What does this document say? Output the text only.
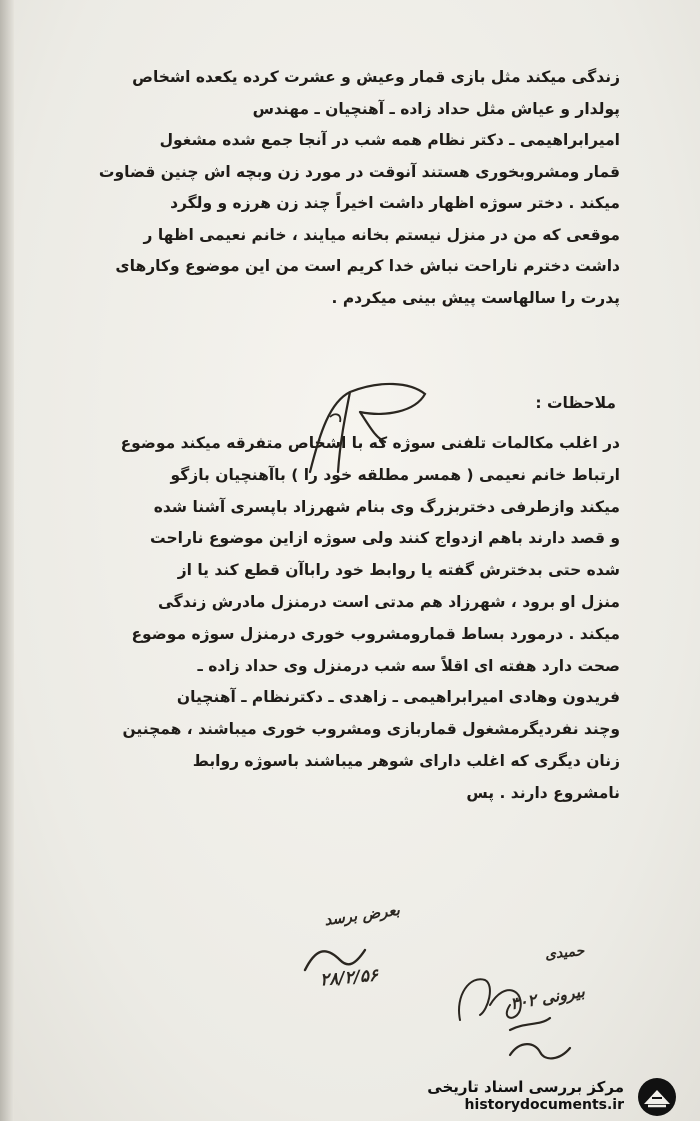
زندگی میکند مثل بازی قمار وعیش و عشرت کرده یکعده اشخاص

پولدار و عیاش مثل حداد زاده ـ آهنچیان ـ مهندس

امیرابراهیمی ـ دکتر نظام همه شب در آنجا جمع شده مشغول

قمار ومشروبخوری هستند آنوقت در مورد زن وبچه اش چنین قضاوت

میکند . دختر سوژه اظهار داشت اخیراً چند زن هرزه و ولگرد

موقعی که من در منزل نیستم بخانه میایند ، خانم نعیمی اظها ر

داشت دخترم ناراحت نباش خدا کریم است من این موضوع وکارهای

پدرت را سالهاست پیش بینی میکردم .

ملاحظات :

در اغلب مکالمات تلفنی سوژه که با اشخاص متفرقه میکند موضوع

ارتباط خانم نعیمی ( همسر مطلقه خود را ) باآهنچیان بازگو

میکند وازطرفی دختربزرگ وی بنام شهرزاد باپسری آشنا شده

و قصد دارند باهم ازدواج کنند ولی سوژه ازاین موضوع ناراحت

شده حتی بدخترش گفته یا روابط خود راباآن قطع کند یا از

منزل او برود ، شهرزاد هم مدتی است درمنزل مادرش زندگی

میکند . درمورد بساط قمارومشروب خوری درمنزل سوژه موضوع

صحت دارد هفته ای اقلاً سه شب درمنزل وی حداد زاده ـ

فریدون وهادی امیرابراهیمی ـ زاهدی ـ دکترنظام ـ آهنچیان

وچند نفردیگرمشغول قماربازی ومشروب خوری میباشند ، همچنین

زنان دیگری که اغلب دارای شوهر میباشند باسوژه روابط

نامشروع دارند . پس

بعرض برسد
۲۸/۲/۵۶
حمیدی
بیرونی ۳۰۲
مرکز بررسی اسناد تاریخی
historydocuments.ir
